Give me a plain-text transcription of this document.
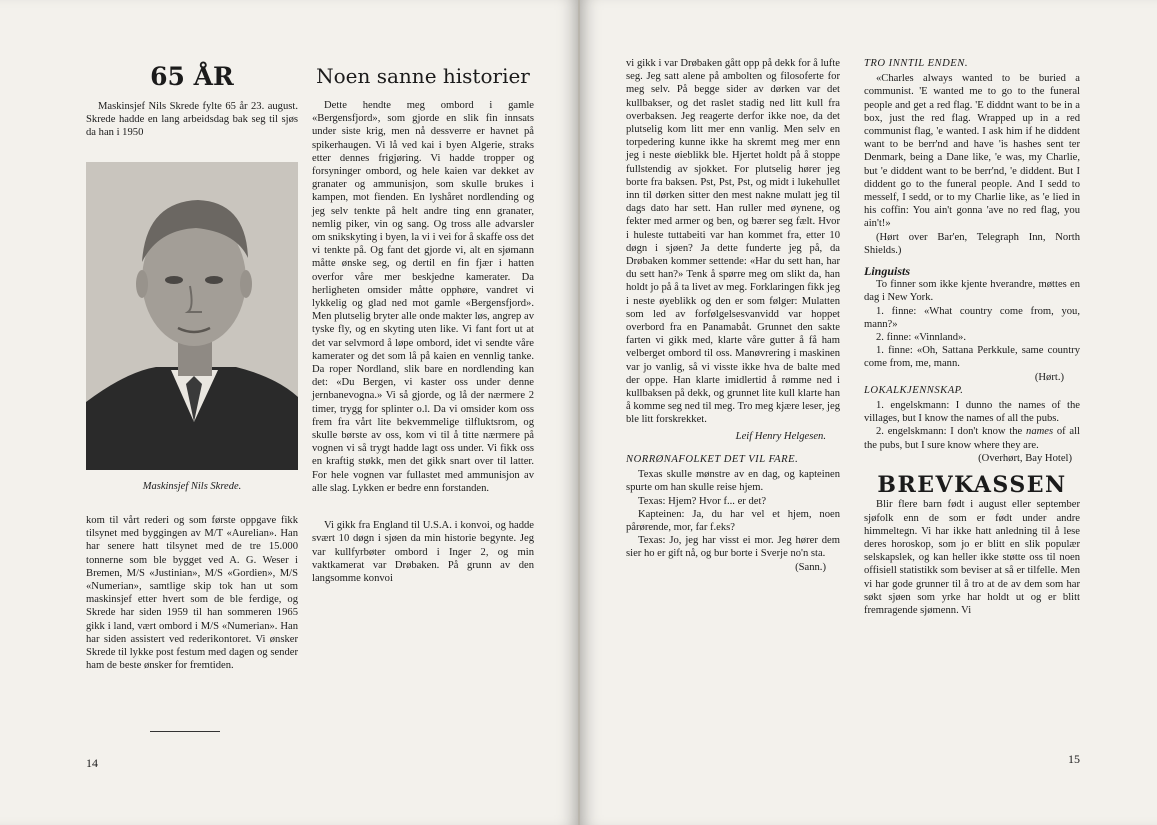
65 ÅR

Maskinsjef Nils Skrede fylte 65 år 23. august. Skrede hadde en lang arbeidsdag bak seg til sjøs da han i 1950

Maskinsjef Nils Skrede.

kom til vårt rederi og som første oppgave fikk tilsynet med byggingen av M/T «Aurelian». Han har senere hatt tilsynet med de tre 15.000 tonnerne som ble bygget ved A. G. Weser i Bremen, M/S «Justinian», M/S «Gordien», M/S «Numerian», samtlige skip tok han ut som maskinsjef etter hvert som de ble ferdige, og Skrede har siden 1959 til han sommeren 1965 gikk i land, vært ombord i M/S «Numerian». Han har siden assistert ved rederikontoret. Vi ønsker Skrede til lykke post festum med dagen og sender ham de beste ønsker for fremtiden.

Noen sanne historier

Dette hendte meg ombord i gamle «Bergensfjord», som gjorde en slik fin innsats under siste krig, men nå dessverre er havnet på spikerhaugen. Vi lå ved kai i byen Algerie, straks etter dennes frigjøring. Vi hadde tropper og forsyninger ombord, og hele kaien var dekket av granater og ammunisjon, som skulle brukes i kampen, mot fienden. En lyshåret nordlending og jeg selv tenkte på helt andre ting enn granater, nemlig piker, vin og sang. Og tross alle advarsler om snikskyting i byen, la vi i vei for å skaffe oss det vi tenkte på. Og fant det gjorde vi, alt en sjømann måtte ønske seg, og dertil en fin fjær i hatten overfor våre mer beskjedne kamerater. Da herligheten omsider måtte opphøre, vandret vi lykkelig og glad ned mot gamle «Bergensfjord». Men plutselig bryter alle onde makter løs, angrep av tyske fly, og en skyting uten like. Vi fant fort ut at det var selvmord å løpe ombord, idet vi sendte våre kamerater og det som lå på kaien en vennlig tanke. Da roper Nordland, slik bare en nordlending kan det: «Du Bergen, vi kaster oss under denne jernbanevogna.» Vi så gjorde, og lå der nærmere 2 timer, trygg for splinter o.l. Da vi omsider kom oss frem fra vårt lite bekvemmelige tilfluktsrom, og skulle børste av oss, kom vi til å titte nærmere på vognen vi så trygt hadde lagt oss under. Vi fikk oss en kraftig støkk, men det gikk snart over til latter. For hele vognen var fullastet med ammunisjon av alle slag. Lykken er bedre enn forstanden.

Vi gikk fra England til U.S.A. i konvoi, og hadde svært 10 døgn i sjøen da min historie begynte. Jeg var kullfyrbøter ombord i Inger 2, og min vaktkamerat var Drøbaken. På grunn av den langsomme konvoi

14

vi gikk i var Drøbaken gått opp på dekk for å lufte seg. Jeg satt alene på ambolten og filosoferte for meg selv. På begge sider av dørken var det kullbakser, og det raslet stadig ned litt kull fra overbaksen. Jeg reagerte derfor ikke noe, da det plutselig kom litt mer enn vanlig. Men selv en torpedering kunne ikke ha skremt meg mer enn jeg i neste øieblikk ble. Hjertet holdt på å stoppe fullstendig av sjokket. For plutselig hører jeg borte fra baksen. Pst, Pst, Pst, og midt i lukehullet inn til dørken sitter den mest nakne mulatt jeg til dags dato har sett. Han ruller med øynene, og fekter med armer og ben, og bærer seg fælt. Hvor i huleste tuttabeiti var han kommet fra, etter 10 døgn i sjøen? Ja dette funderte jeg på, da Drøbaken kommer settende: «Har du sett han, har du sett han?» Tenk å spørre meg om slikt da, han holdt jo på å ta livet av meg. Forklaringen fikk jeg i neste øyeblikk og den er som følger: Mulatten som led av forfølgelsesvanvidd var hoppet overbord fra en Panamabåt. Grunnet den sakte farten vi gikk med, klarte våre gutter å få ham velberget ombord til oss. Manøvrering i maskinen var jo vanlig, så vi visste ikke hva de balte med der oppe. Han klarte imidlertid å rømme ned i kullbaksen på dekk, og grunnet lite kull klarte han å komme seg ned til meg. Tro meg kjære leser, jeg ble litt forskrekket.

Leif Henry Helgesen.
NORRØNAFOLKET DET VIL FARE.

Texas skulle mønstre av en dag, og kapteinen spurte om han skulle reise hjem.

Texas: Hjem? Hvor f... er det?

Kapteinen: Ja, du har vel et hjem, noen pårørende, mor, far f.eks?

Texas: Jo, jeg har visst ei mor. Jeg hører dem sier ho er gift nå, og bur borte i Sverje no'n sta.

(Sann.)
TRO INNTIL ENDEN.

«Charles always wanted to be buried a communist. 'E wanted me to go to the funeral people and get a red flag. 'E diddnt want to be in a box, just the red flag. Wrapped up in a red communist flag, 'e wanted. I ask him if he diddent want to be berr'nd and have 'is hashes sent ter Denmark, being a Dane like, 'e was, my Charlie, but 'e diddent want to be berr'nd, 'e diddent. But I diddent go to the funeral people. And I sedd to mesself, I sedd, or to my Charlie like, as 'e lied in his coffin: You ain't gonna 'ave no red flag, you ain't!»

(Hørt over Bar'en, Telegraph Inn, North Shields.)

Linguists

To finner som ikke kjente hverandre, møttes en dag i New York.

1. finne: «What country come from, you, mann?»

2. finne: «Vinnland».

1. finne: «Oh, Sattana Perkkule, same country come from, me, mann.

(Hørt.)
LOKALKJENNSKAP.

1. engelskmann: I dunno the names of the villages, but I know the names of all the pubs.

2. engelskmann: I don't know the names of all the pubs, but I sure know where they are.

(Overhørt, Bay Hotel)
BREVKASSEN

Blir flere barn født i august eller september sjøfolk enn de som er født under andre himmeltegn. Vi har ikke hatt anledning til å lese deres horoskop, som jo er blitt en slik populær selskapslek, og kan heller ikke støtte oss til noen offisiell statistikk som beviser at så er tilfelle. Men vi har gode grunner til å tro at de av dem som har søkt sjøen som yrke har holdt ut og er blitt fremragende sjømenn. Vi

15
